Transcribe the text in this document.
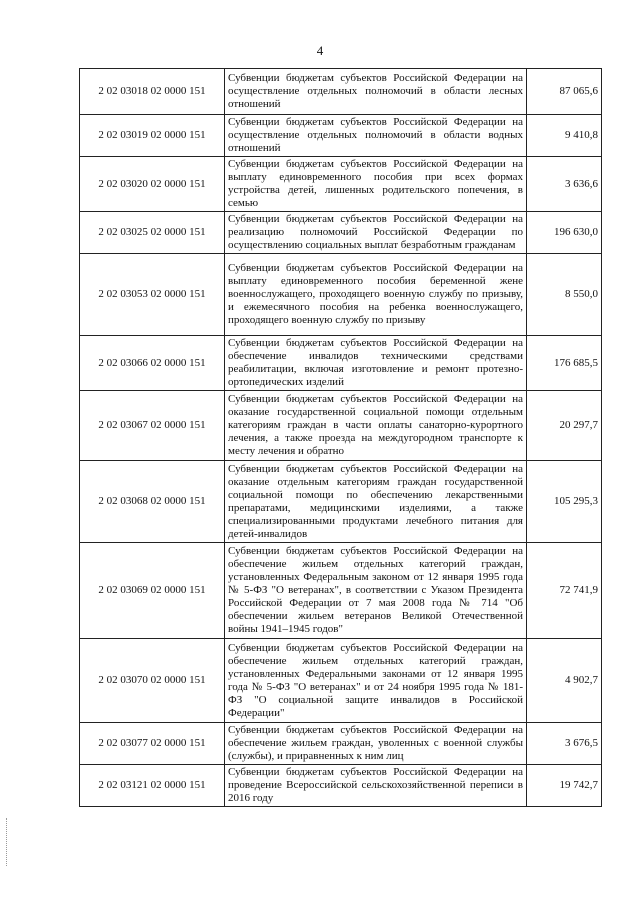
4
2 02 03018 02 0000 151	Субвенции бюджетам субъектов Российской Федерации на осуществление отдельных полномочий в области лесных отношений	87 065,6
2 02 03019 02 0000 151	Субвенции бюджетам субъектов Российской Федерации на осуществление отдельных полномочий в области водных отношений	9 410,8
2 02 03020 02 0000 151	Субвенции бюджетам субъектов Российской Федерации на выплату единовременного пособия при всех формах устройства детей, лишенных родительского попечения, в семью	3 636,6
2 02 03025 02 0000 151	Субвенции бюджетам субъектов Российской Федерации на реализацию полномочий Российской Федерации по осуществлению социальных выплат безработным гражданам	196 630,0
2 02 03053 02 0000 151	Субвенции бюджетам субъектов Российской Федерации на выплату единовременного пособия беременной жене военнослужащего, проходящего военную службу по призыву, и ежемесячного пособия на ребенка военнослужащего, проходящего военную службу по призыву	8 550,0
2 02 03066 02 0000 151	Субвенции бюджетам субъектов Российской Федерации на обеспечение инвалидов техническими средствами реабилитации, включая изготовление и ремонт протезно-ортопедических изделий	176 685,5
2 02 03067 02 0000 151	Субвенции бюджетам субъектов Российской Федерации на оказание государственной социальной помощи отдельным категориям граждан в части оплаты санаторно-курортного лечения, а также проезда на междугородном транспорте к месту лечения и обратно	20 297,7
2 02 03068 02 0000 151	Субвенции бюджетам субъектов Российской Федерации на оказание отдельным категориям граждан государственной социальной помощи по обеспечению лекарственными препаратами, медицинскими изделиями, а также специализированными продуктами лечебного питания для детей-инвалидов	105 295,3
2 02 03069 02 0000 151	Субвенции бюджетам субъектов Российской Федерации на обеспечение жильем отдельных категорий граждан, установленных Федеральным законом от 12 января 1995 года № 5-ФЗ "О ветеранах", в соответствии с Указом Президента Российской Федерации от 7 мая 2008 года № 714 "Об обеспечении жильем ветеранов Великой Отечественной войны 1941–1945 годов"	72 741,9
2 02 03070 02 0000 151	Субвенции бюджетам субъектов Российской Федерации на обеспечение жильем отдельных категорий граждан, установленных Федеральными законами от 12 января 1995 года № 5-ФЗ "О ветеранах" и от 24 ноября 1995 года № 181-ФЗ "О социальной защите инвалидов в Российской Федерации"	4 902,7
2 02 03077 02 0000 151	Субвенции бюджетам субъектов Российской Федерации на обеспечение жильем граждан, уволенных с военной службы (службы), и приравненных к ним лиц	3 676,5
2 02 03121 02 0000 151	Субвенции бюджетам субъектов Российской Федерации на проведение Всероссийской сельскохозяйственной переписи в 2016 году	19 742,7
